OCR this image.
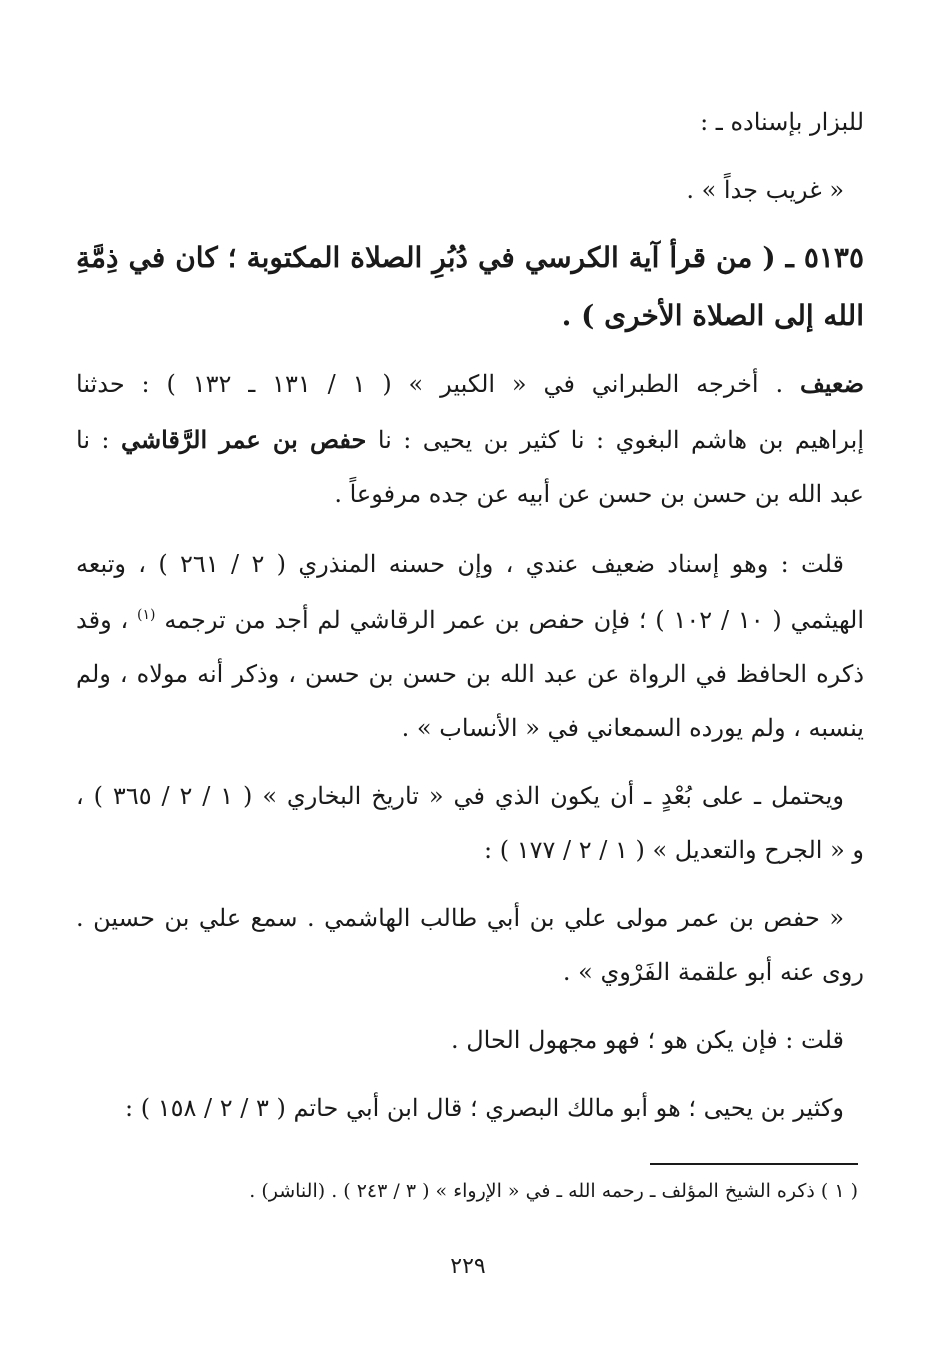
للبزار بإسناده ـ :
« غريب جداً » .
٥١٣٥ ـ ( من قرأ آية الكرسي في دُبُرِ الصلاة المكتوبة ؛ كان في ذِمَّةِ
الله إلى الصلاة الأخرى ) .
ضعيف . أخرجه الطبراني في « الكبير » ( ١ / ١٣١ ـ ١٣٢ ) : حدثنا
إبراهيم بن هاشم البغوي : نا كثير بن يحيى : نا حفص بن عمر الرَّقاشي : نا
عبد الله بن حسن بن حسن عن أبيه عن جده مرفوعاً .
قلت : وهو إسناد ضعيف عندي ، وإن حسنه المنذري ( ٢ / ٢٦١ ) ، وتبعه
الهيثمي ( ١٠ / ١٠٢ ) ؛ فإن حفص بن عمر الرقاشي لم أجد من ترجمه $^{(١)}$ ، وقد
ذكره الحافظ في الرواة عن عبد الله بن حسن بن حسن ، وذكر أنه مولاه ، ولم
ينسبه ، ولم يورده السمعاني في « الأنساب » .
ويحتمل ـ على بُعْدٍ ـ أن يكون الذي في « تاريخ البخاري » ( ١ / ٢ / ٣٦٥ ) ،
و « الجرح والتعديل » ( ١ / ٢ / ١٧٧ ) :
« حفص بن عمر مولى علي بن أبي طالب الهاشمي . سمع علي بن حسين .
روى عنه أبو علقمة الفَرْوي » .
قلت : فإن يكن هو ؛ فهو مجهول الحال .
وكثير بن يحيى ؛ هو أبو مالك البصري ؛ قال ابن أبي حاتم ( ٣ / ٢ / ١٥٨ ) :
( ١ ) ذكره الشيخ المؤلف ـ رحمه الله ـ في « الإرواء » ( ٣ / ٢٤٣ ) . (الناشر) .
٢٢٩
